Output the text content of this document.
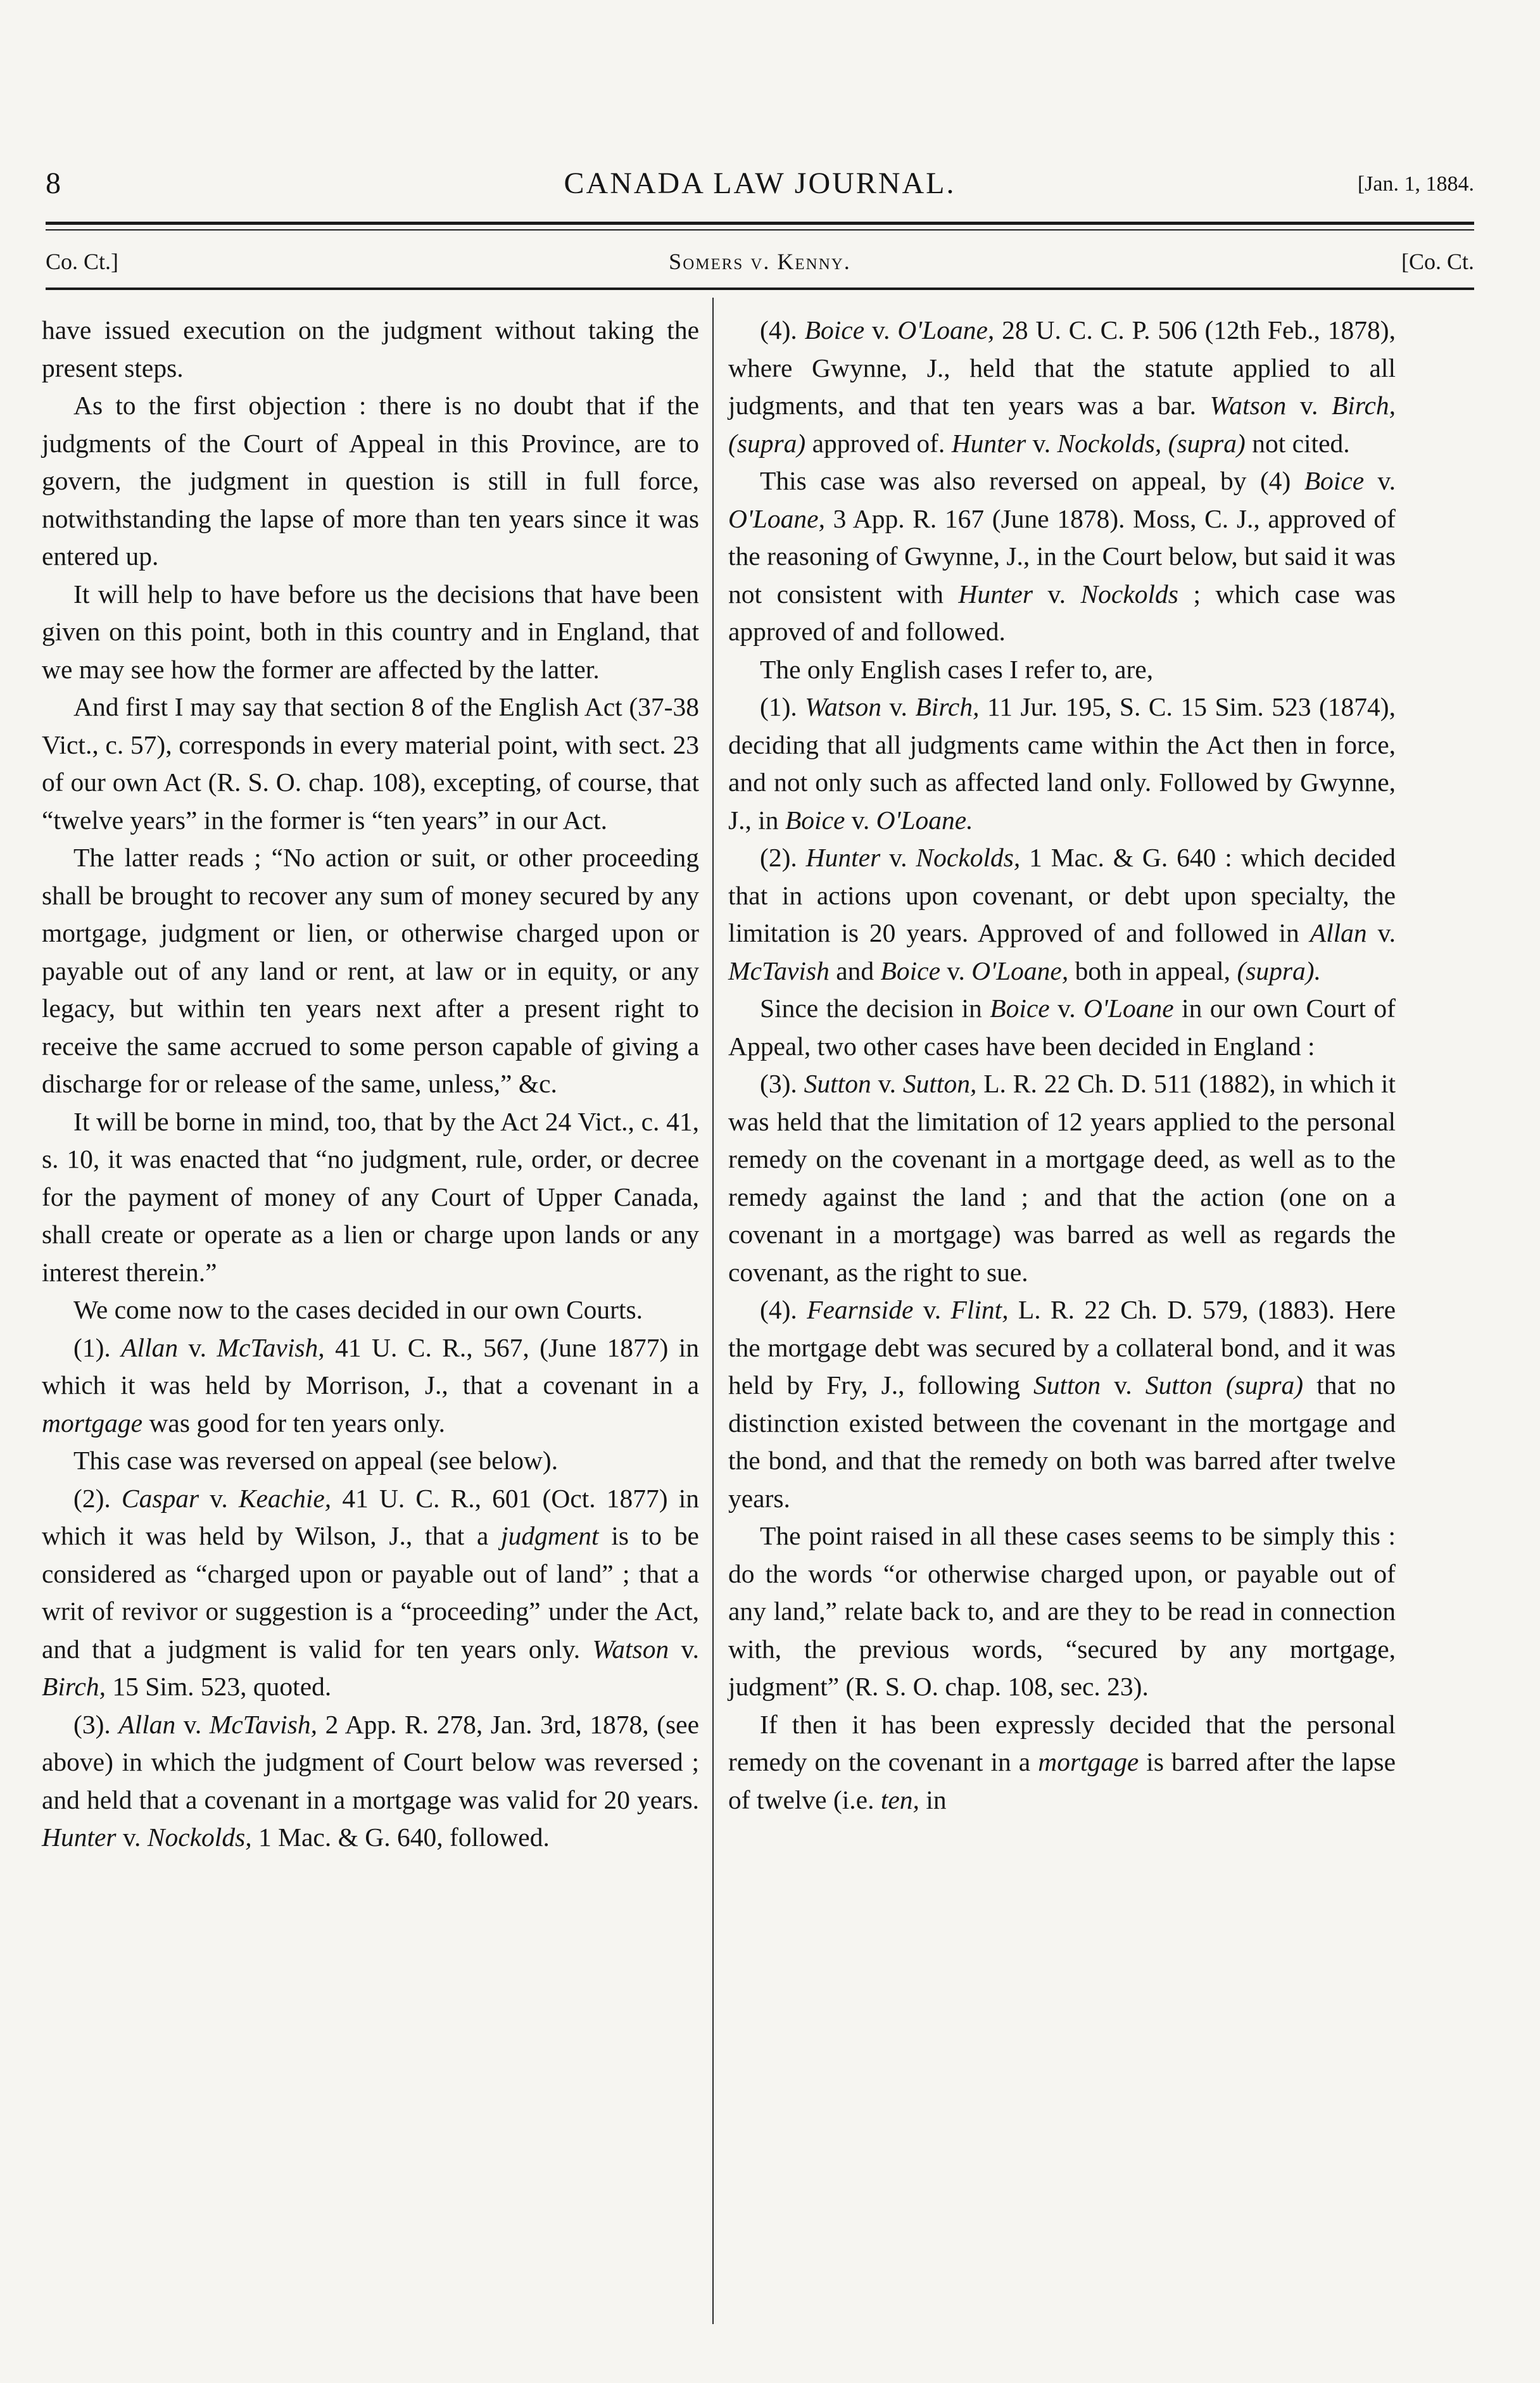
8	CANADA LAW JOURNAL.	[Jan. 1, 1884.
Co. Ct.]	Somers v. Kenny.	[Co. Ct.

have issued execution on the judgment without taking the present steps.

As to the first objection : there is no doubt that if the judgments of the Court of Appeal in this Province, are to govern, the judgment in question is still in full force, notwithstanding the lapse of more than ten years since it was entered up.

It will help to have before us the decisions that have been given on this point, both in this country and in England, that we may see how the former are affected by the latter.

And first I may say that section 8 of the English Act (37-38 Vict., c. 57), corresponds in every material point, with sect. 23 of our own Act (R. S. O. chap. 108), excepting, of course, that “twelve years” in the former is “ten years” in our Act.

The latter reads ; “No action or suit, or other proceeding shall be brought to recover any sum of money secured by any mortgage, judgment or lien, or otherwise charged upon or payable out of any land or rent, at law or in equity, or any legacy, but within ten years next after a present right to receive the same accrued to some person capable of giving a discharge for or release of the same, unless,” &c.

It will be borne in mind, too, that by the Act 24 Vict., c. 41, s. 10, it was enacted that “no judgment, rule, order, or decree for the payment of money of any Court of Upper Canada, shall create or operate as a lien or charge upon lands or any interest therein.”

We come now to the cases decided in our own Courts.

(1). Allan v. McTavish, 41 U. C. R., 567, (June 1877) in which it was held by Morrison, J., that a covenant in a mortgage was good for ten years only.

This case was reversed on appeal (see below).

(2). Caspar v. Keachie, 41 U. C. R., 601 (Oct. 1877) in which it was held by Wilson, J., that a judgment is to be considered as “charged upon or payable out of land” ; that a writ of revivor or suggestion is a “proceeding” under the Act, and that a judgment is valid for ten years only. Watson v. Birch, 15 Sim. 523, quoted.

(3). Allan v. McTavish, 2 App. R. 278, Jan. 3rd, 1878, (see above) in which the judgment of Court below was reversed ; and held that a covenant in a mortgage was valid for 20 years. Hunter v. Nockolds, 1 Mac. & G. 640, followed.

(4). Boice v. O'Loane, 28 U. C. C. P. 506 (12th Feb., 1878), where Gwynne, J., held that the statute applied to all judgments, and that ten years was a bar. Watson v. Birch, (supra) approved of. Hunter v. Nockolds, (supra) not cited.

This case was also reversed on appeal, by (4) Boice v. O'Loane, 3 App. R. 167 (June 1878). Moss, C. J., approved of the reasoning of Gwynne, J., in the Court below, but said it was not consistent with Hunter v. Nockolds ; which case was approved of and followed.

The only English cases I refer to, are,

(1). Watson v. Birch, 11 Jur. 195, S. C. 15 Sim. 523 (1874), deciding that all judgments came within the Act then in force, and not only such as affected land only. Followed by Gwynne, J., in Boice v. O'Loane.

(2). Hunter v. Nockolds, 1 Mac. & G. 640 : which decided that in actions upon covenant, or debt upon specialty, the limitation is 20 years. Approved of and followed in Allan v. McTavish and Boice v. O'Loane, both in appeal, (supra).

Since the decision in Boice v. O'Loane in our own Court of Appeal, two other cases have been decided in England :

(3). Sutton v. Sutton, L. R. 22 Ch. D. 511 (1882), in which it was held that the limitation of 12 years applied to the personal remedy on the covenant in a mortgage deed, as well as to the remedy against the land ; and that the action (one on a covenant in a mortgage) was barred as well as regards the covenant, as the right to sue.

(4). Fearnside v. Flint, L. R. 22 Ch. D. 579, (1883). Here the mortgage debt was secured by a collateral bond, and it was held by Fry, J., following Sutton v. Sutton (supra) that no distinction existed between the covenant in the mortgage and the bond, and that the remedy on both was barred after twelve years.

The point raised in all these cases seems to be simply this : do the words “or otherwise charged upon, or payable out of any land,” relate back to, and are they to be read in connection with, the previous words, “secured by any mortgage, judgment” (R. S. O. chap. 108, sec. 23).

If then it has been expressly decided that the personal remedy on the covenant in a mortgage is barred after the lapse of twelve (i.e. ten, in
